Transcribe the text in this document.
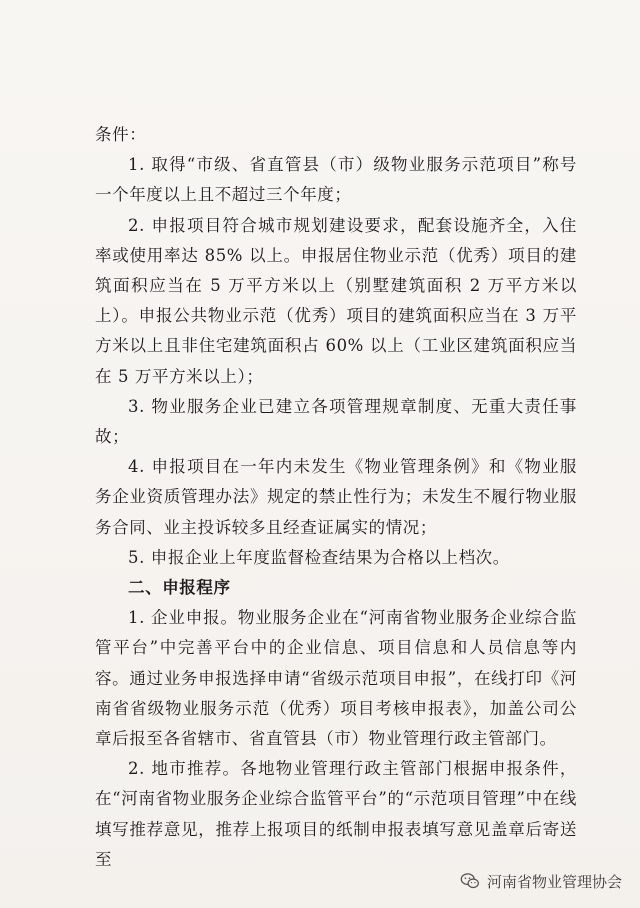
条件：

1. 取得“市级、省直管县（市）级物业服务示范项目”称号一个年度以上且不超过三个年度；

2. 申报项目符合城市规划建设要求，配套设施齐全，入住率或使用率达 85% 以上。申报居住物业示范（优秀）项目的建筑面积应当在 5 万平方米以上（别墅建筑面积 2 万平方米以上）。申报公共物业示范（优秀）项目的建筑面积应当在 3 万平方米以上且非住宅建筑面积占 60% 以上（工业区建筑面积应当在 5 万平方米以上）；

3. 物业服务企业已建立各项管理规章制度、无重大责任事故；

4. 申报项目在一年内未发生《物业管理条例》和《物业服务企业资质管理办法》规定的禁止性行为；未发生不履行物业服务合同、业主投诉较多且经查证属实的情况；

5. 申报企业上年度监督检查结果为合格以上档次。

二、申报程序

1. 企业申报。物业服务企业在“河南省物业服务企业综合监管平台”中完善平台中的企业信息、项目信息和人员信息等内容。通过业务申报选择申请“省级示范项目申报”，在线打印《河南省省级物业服务示范（优秀）项目考核申报表》，加盖公司公章后报至各省辖市、省直管县（市）物业管理行政主管部门。

2. 地市推荐。各地物业管理行政主管部门根据申报条件，在“河南省物业服务企业综合监管平台”的“示范项目管理”中在线填写推荐意见，推荐上报项目的纸制申报表填写意见盖章后寄送至

河南省物业管理协会
